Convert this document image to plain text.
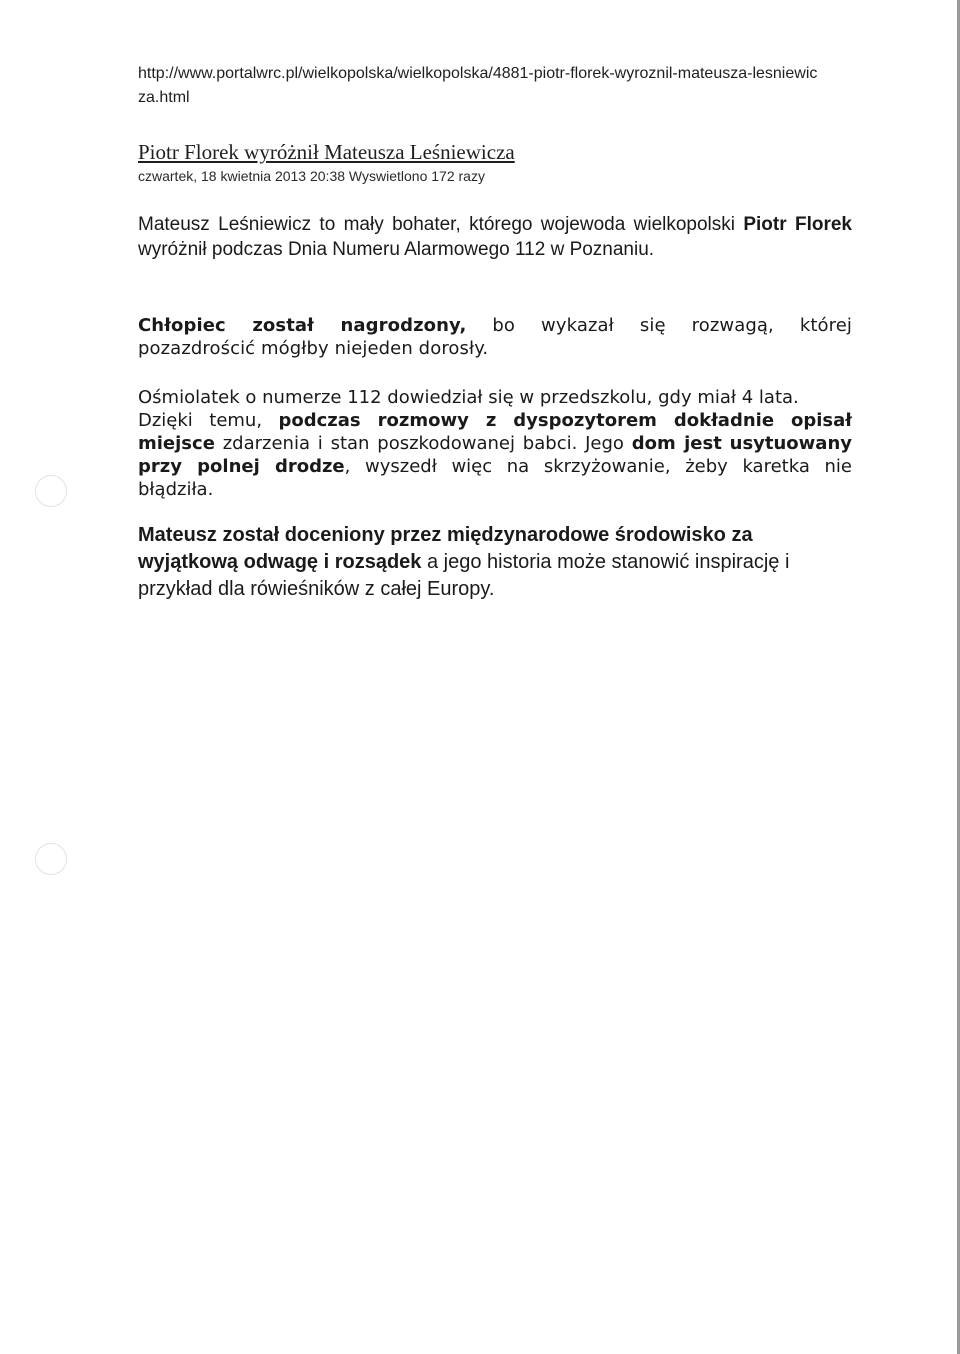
http://www.portalwrc.pl/wielkopolska/wielkopolska/4881-piotr-florek-wyroznil-mateusza-lesniewicza.html
Piotr Florek wyróżnił Mateusza Leśniewicza
czwartek, 18 kwietnia 2013 20:38 Wyswietlono 172 razy
Mateusz Leśniewicz to mały bohater, którego wojewoda wielkopolski Piotr Florek wyróżnił podczas Dnia Numeru Alarmowego 112 w Poznaniu.
Chłopiec został nagrodzony, bo wykazał się rozwagą, której
pozazdrościć mógłby niejeden dorosły.
Ośmiolatek o numerze 112 dowiedział się w przedszkolu, gdy miał 4 lata.
Dzięki temu, podczas rozmowy z dyspozytorem dokładnie opisał miejsce zdarzenia i stan poszkodowanej babci. Jego dom jest usytuowany przy polnej drodze, wyszedł więc na skrzyżowanie, żeby karetka nie błądziła.
Mateusz został doceniony przez międzynarodowe środowisko za wyjątkową odwagę i rozsądek a jego historia może stanowić inspirację i przykład dla rówieśników z całej Europy.
